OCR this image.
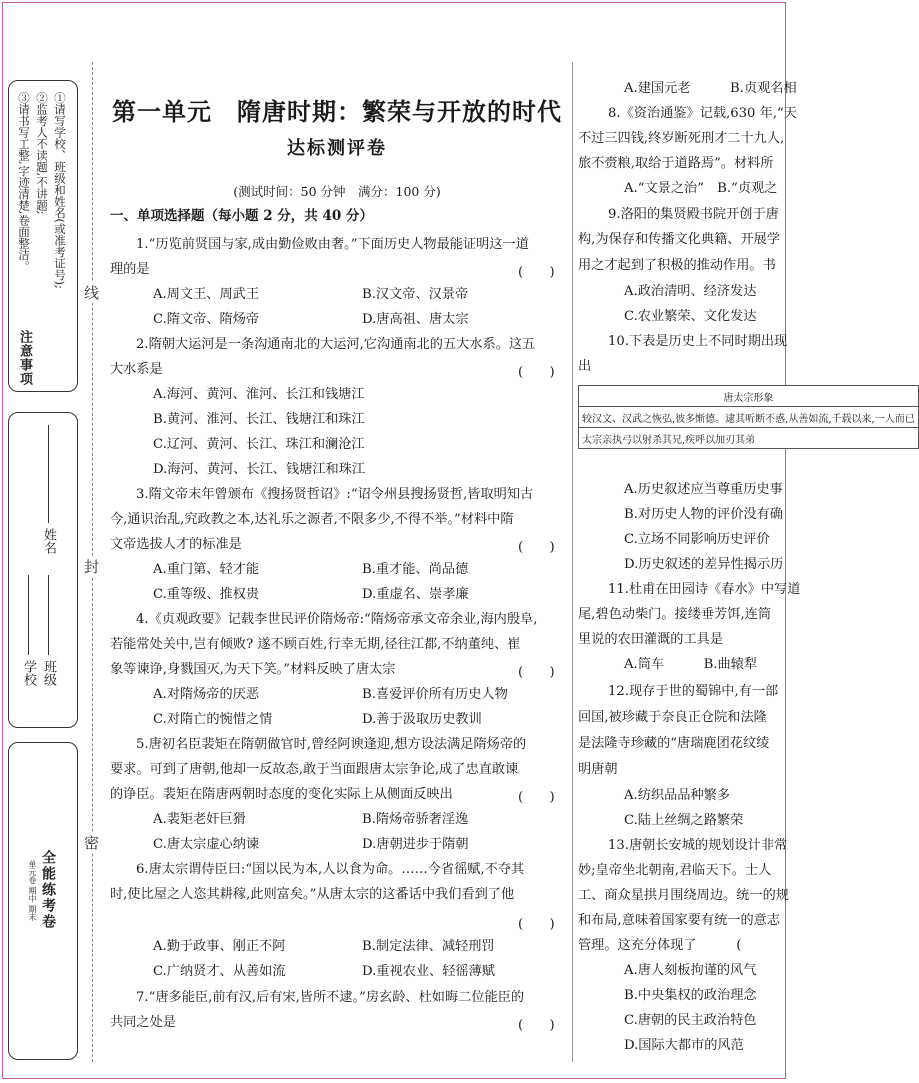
注意事项
①请写学校、班级和姓名(或准考证号);
②监考人不读题,不讲题;
③请书写工整,字迹清楚,卷面整洁。
学校 班级
姓名
全能练考卷
单元卷 期中 期末
线
封
密
第一单元　隋唐时期：繁荣与开放的时代
达标测评卷
(测试时间：50 分钟　满分：100 分)
一、单项选择题（每小题 2 分，共 40 分）
1.“历览前贤国与家,成由勤俭败由奢。”下面历史人物最能证明这一道
理的是	(　　)
A.周文王、周武王	B.汉文帝、汉景帝
C.隋文帝、隋炀帝	D.唐高祖、唐太宗
2.隋朝大运河是一条沟通南北的大运河,它沟通南北的五大水系。这五
大水系是	(　　)
A.海河、黄河、淮河、长江和钱塘江
B.黄河、淮河、长江、钱塘江和珠江
C.辽河、黄河、长江、珠江和澜沧江
D.海河、黄河、长江、钱塘江和珠江
3.隋文帝末年曾颁布《搜扬贤哲诏》:“诏令州县搜扬贤哲,皆取明知古
今,通识治乱,究政教之本,达礼乐之源者,不限多少,不得不举。”材料中隋
文帝选拔人才的标准是	(　　)
A.重门第、轻才能	B.重才能、尚品德
C.重等级、推权贵	D.重虚名、崇孝廉
4.《贞观政要》记载李世民评价隋炀帝:“隋炀帝承文帝余业,海内殷阜,
若能常处关中,岂有倾败? 遂不顾百姓,行幸无期,径往江都,不纳董纯、崔
象等谏诤,身戮国灭,为天下笑。”材料反映了唐太宗	(　　)
A.对隋炀帝的厌恶	B.喜爱评价所有历史人物
C.对隋亡的惋惜之情	D.善于汲取历史教训
5.唐初名臣裴矩在隋朝做官时,曾经阿谀逢迎,想方设法满足隋炀帝的
要求。可到了唐朝,他却一反故态,敢于当面跟唐太宗争论,成了忠直敢谏
的诤臣。裴矩在隋唐两朝时态度的变化实际上从侧面反映出	(　　)
A.裴矩老奸巨猾	B.隋炀帝骄奢淫逸
C.唐太宗虚心纳谏	D.唐朝进步于隋朝
6.唐太宗谓侍臣曰:“国以民为本,人以食为命。……今省徭赋,不夺其
时,使比屋之人恣其耕稼,此则富矣。”从唐太宗的这番话中我们看到了他
(　　)
A.勤于政事、刚正不阿	B.制定法律、减轻刑罚
C.广纳贤才、从善如流	D.重视农业、轻徭薄赋
7.“唐多能臣,前有汉,后有宋,皆所不逮。”房玄龄、杜如晦二位能臣的
共同之处是	(　　)
A.建国元老　　　B.贞观名相
8.《资治通鉴》记载,630 年,“天
不过三四钱,终岁断死刑才二十九人,
旅不赍粮,取给于道路焉”。材料所
A.“文景之治”　B.“贞观之
9.洛阳的集贤殿书院开创于唐
构,为保存和传播文化典籍、开展学
用之才起到了积极的推动作用。书
A.政治清明、经济发达
C.农业繁荣、文化发达
10.下表是历史上不同时期出现
出
唐太宗形象
较汉文、汉武之恢弘,彼多惭德。逮其听断不惑,从善如流,千载以来,一人而已
太宗亲执弓以射杀其兄,疾呼以加刃其弟
A.历史叙述应当尊重历史事
B.对历史人物的评价没有确
C.立场不同影响历史评价
D.历史叙述的差异性揭示历
11.杜甫在田园诗《春水》中写道
尾,碧色动柴门。接缕垂芳饵,连筒
里说的农田灌溉的工具是
A.筒车　　　B.曲辕犁
12.现存于世的蜀锦中,有一部
回国,被珍藏于奈良正仓院和法隆
是法隆寺珍藏的“唐瑞鹿团花纹绫
明唐朝
A.纺织品品种繁多
C.陆上丝绸之路繁荣
13.唐朝长安城的规划设计非常
妙;皇帝坐北朝南,君临天下。士人
工、商众星拱月围绕周边。统一的规
和布局,意味着国家要有统一的意志
管理。这充分体现了　　　(
A.唐人刻板拘谨的风气
B.中央集权的政治理念
C.唐朝的民主政治特色
D.国际大都市的风范
